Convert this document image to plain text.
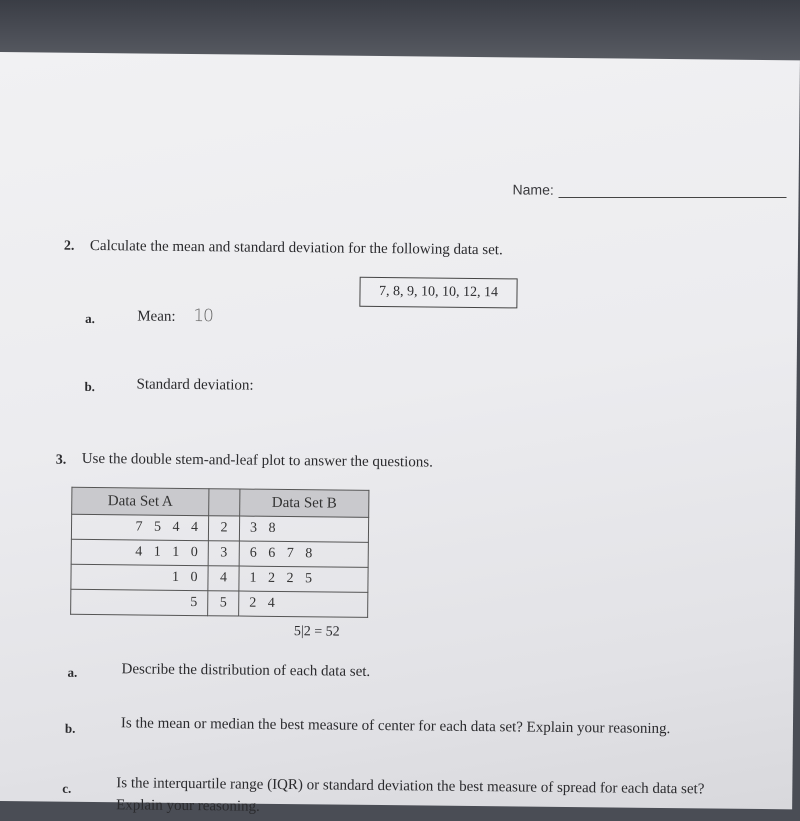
Name:
2. Calculate the mean and standard deviation for the following data set.
7, 8, 9, 10, 10, 12, 14
a.	Mean: 10
b.	Standard deviation:
3. Use the double stem-and-leaf plot to answer the questions.
Data Set A		Data Set B
7 5 4 4	2	3 8
4 1 1 0	3	6 6 7 8
1 0	4	1 2 2 5
5	5	2 4
5|2 = 52
a.	Describe the distribution of each data set.
b.	Is the mean or median the best measure of center for each data set? Explain your reasoning.
c.	Is the interquartile range (IQR) or standard deviation the best measure of spread for each data set?
Explain your reasoning.
